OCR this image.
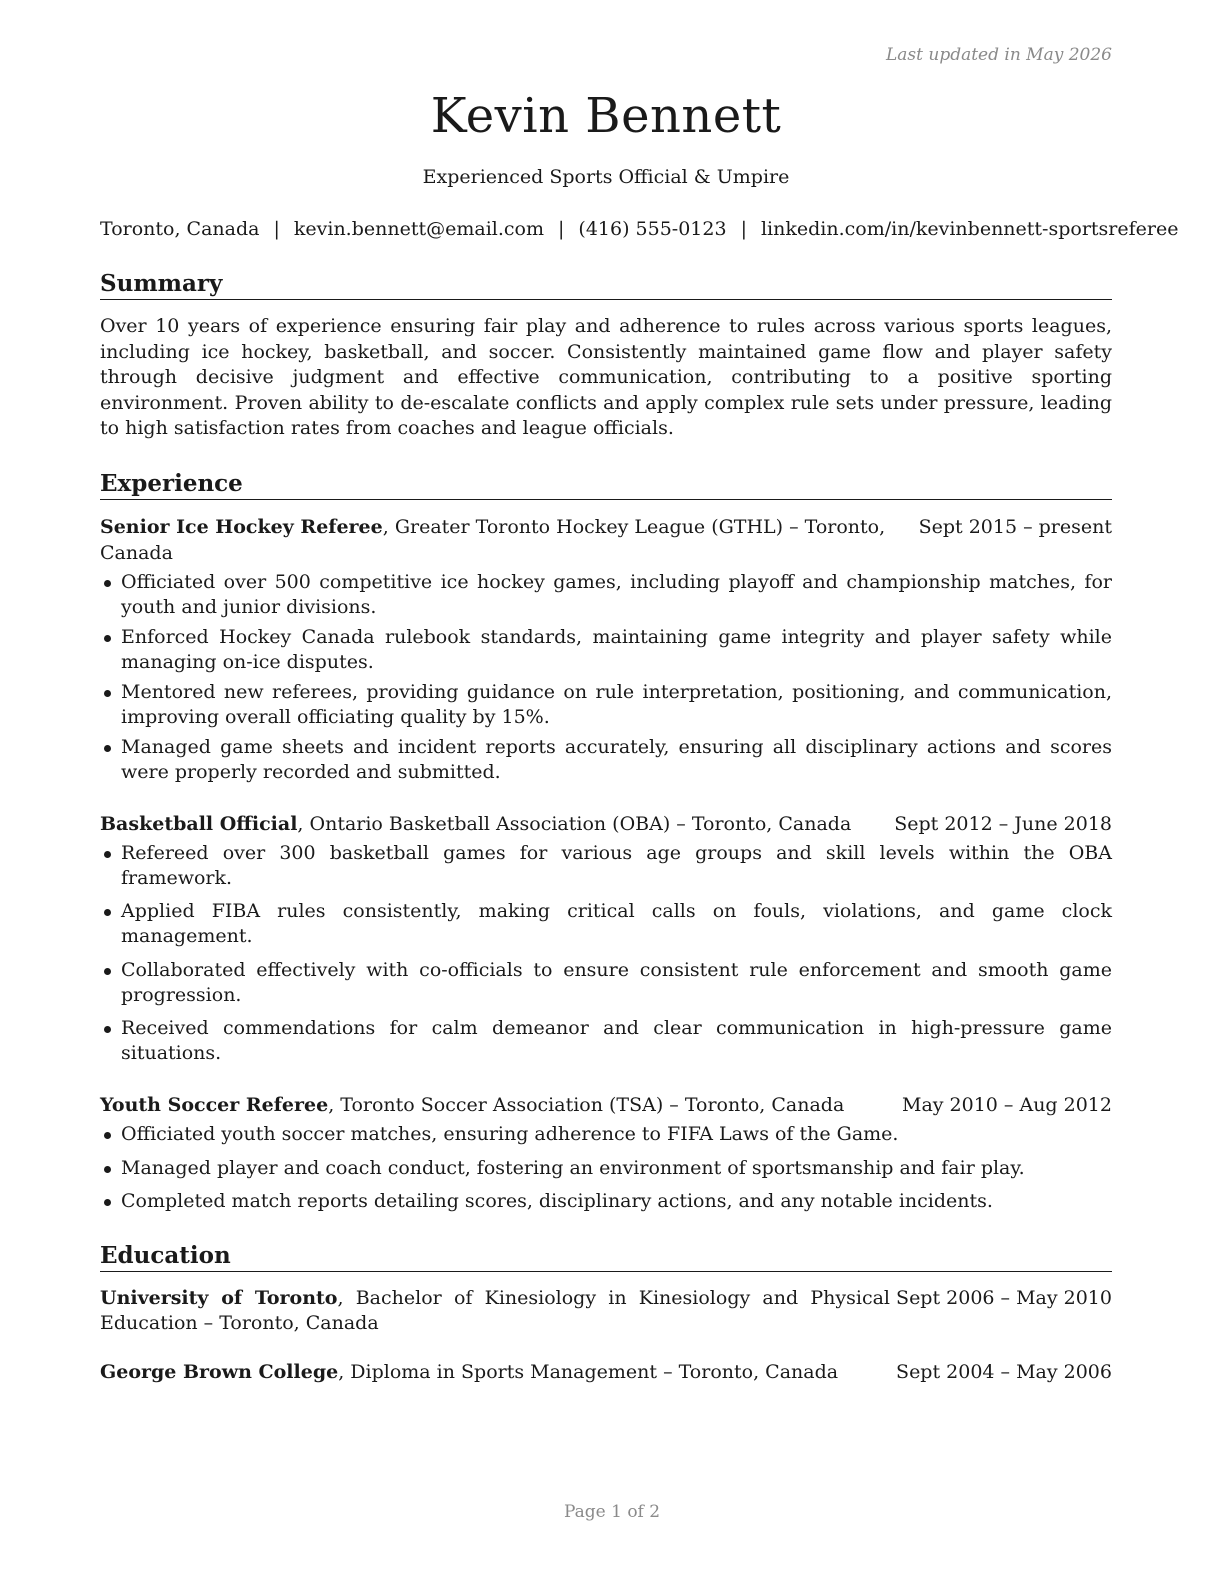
Last updated in May 2026
Kevin Bennett
Experienced Sports Official & Umpire
Toronto, Canada | kevin.bennett@email.com | (416) 555-0123 | linkedin.com/in/kevinbennett-sportsreferee
Summary
Over 10 years of experience ensuring fair play and adherence to rules across various sports leagues, including ice hockey, basketball, and soccer. Consistently maintained game flow and player safety through decisive judgment and effective communication, contributing to a positive sporting environment. Proven ability to de-escalate conflicts and apply complex rule sets under pressure, leading to high satisfaction rates from coaches and league officials.
Experience
Senior Ice Hockey Referee, Greater Toronto Hockey League (GTHL) – Toronto, Canada
Sept 2015 – present
Officiated over 500 competitive ice hockey games, including playoff and championship matches, for youth and junior divisions.
Enforced Hockey Canada rulebook standards, maintaining game integrity and player safety while managing on-ice disputes.
Mentored new referees, providing guidance on rule interpretation, positioning, and communication, improving overall officiating quality by 15%.
Managed game sheets and incident reports accurately, ensuring all disciplinary actions and scores were properly recorded and submitted.
Basketball Official, Ontario Basketball Association (OBA) – Toronto, Canada	Sept 2012 – June 2018
Refereed over 300 basketball games for various age groups and skill levels within the OBA framework.
Applied FIBA rules consistently, making critical calls on fouls, violations, and game clock management.
Collaborated effectively with co-officials to ensure consistent rule enforcement and smooth game progression.
Received commendations for calm demeanor and clear communication in high-pressure game situations.
Youth Soccer Referee, Toronto Soccer Association (TSA) – Toronto, Canada	May 2010 – Aug 2012
Officiated youth soccer matches, ensuring adherence to FIFA Laws of the Game.
Managed player and coach conduct, fostering an environment of sportsmanship and fair play.
Completed match reports detailing scores, disciplinary actions, and any notable incidents.
Education
University of Toronto, Bachelor of Kinesiology in Kinesiology and Physical Education – Toronto, Canada
Sept 2006 – May 2010
George Brown College, Diploma in Sports Management – Toronto, Canada	Sept 2004 – May 2006
Page 1 of 2
